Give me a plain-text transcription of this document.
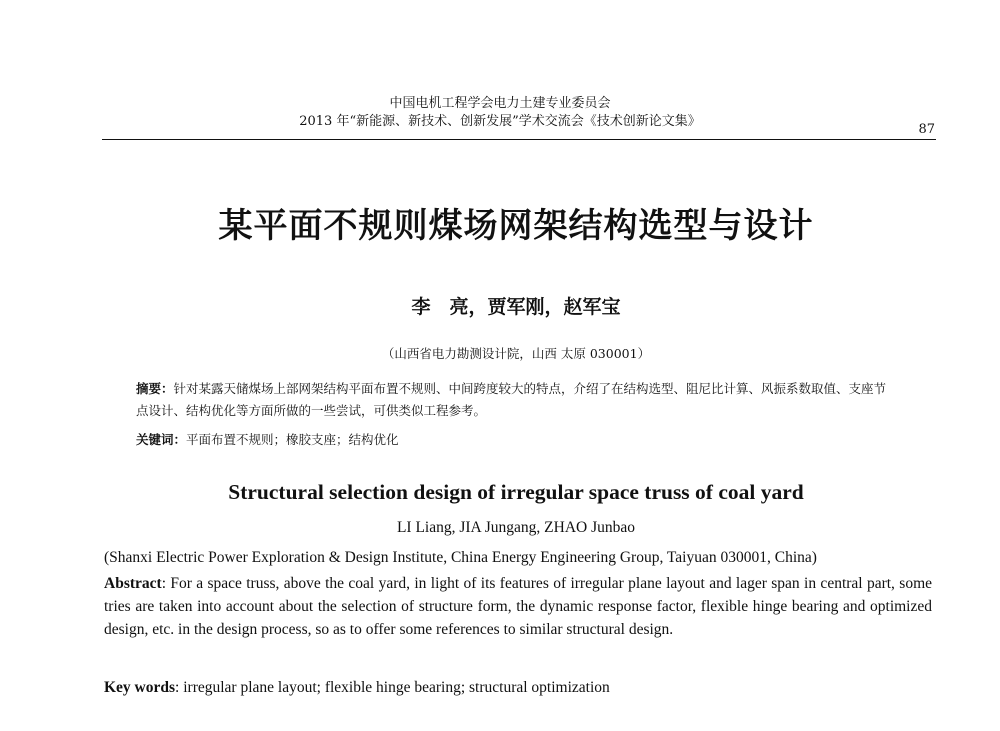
中国电机工程学会电力土建专业委员会
2013 年“新能源、新技术、创新发展”学术交流会《技术创新论文集》
87
某平面不规则煤场网架结构选型与设计
李　亮，贾军刚，赵军宝
（山西省电力勘测设计院，山西 太原 030001）
摘要：针对某露天储煤场上部网架结构平面布置不规则、中间跨度较大的特点，介绍了在结构选型、阻尼比计算、风振系数取值、支座节点设计、结构优化等方面所做的一些尝试，可供类似工程参考。
关键词：平面布置不规则；橡胶支座；结构优化
Structural selection design of irregular space truss of coal yard
LI Liang, JIA Jungang, ZHAO Junbao
(Shanxi Electric Power Exploration & Design Institute, China Energy Engineering Group, Taiyuan 030001, China)
Abstract: For a space truss, above the coal yard, in light of its features of irregular plane layout and lager span in central part, some tries are taken into account about the selection of structure form, the dynamic response factor, flexible hinge bearing and optimized design, etc. in the design process, so as to offer some references to similar structural design.
Key words: irregular plane layout; flexible hinge bearing; structural optimization
